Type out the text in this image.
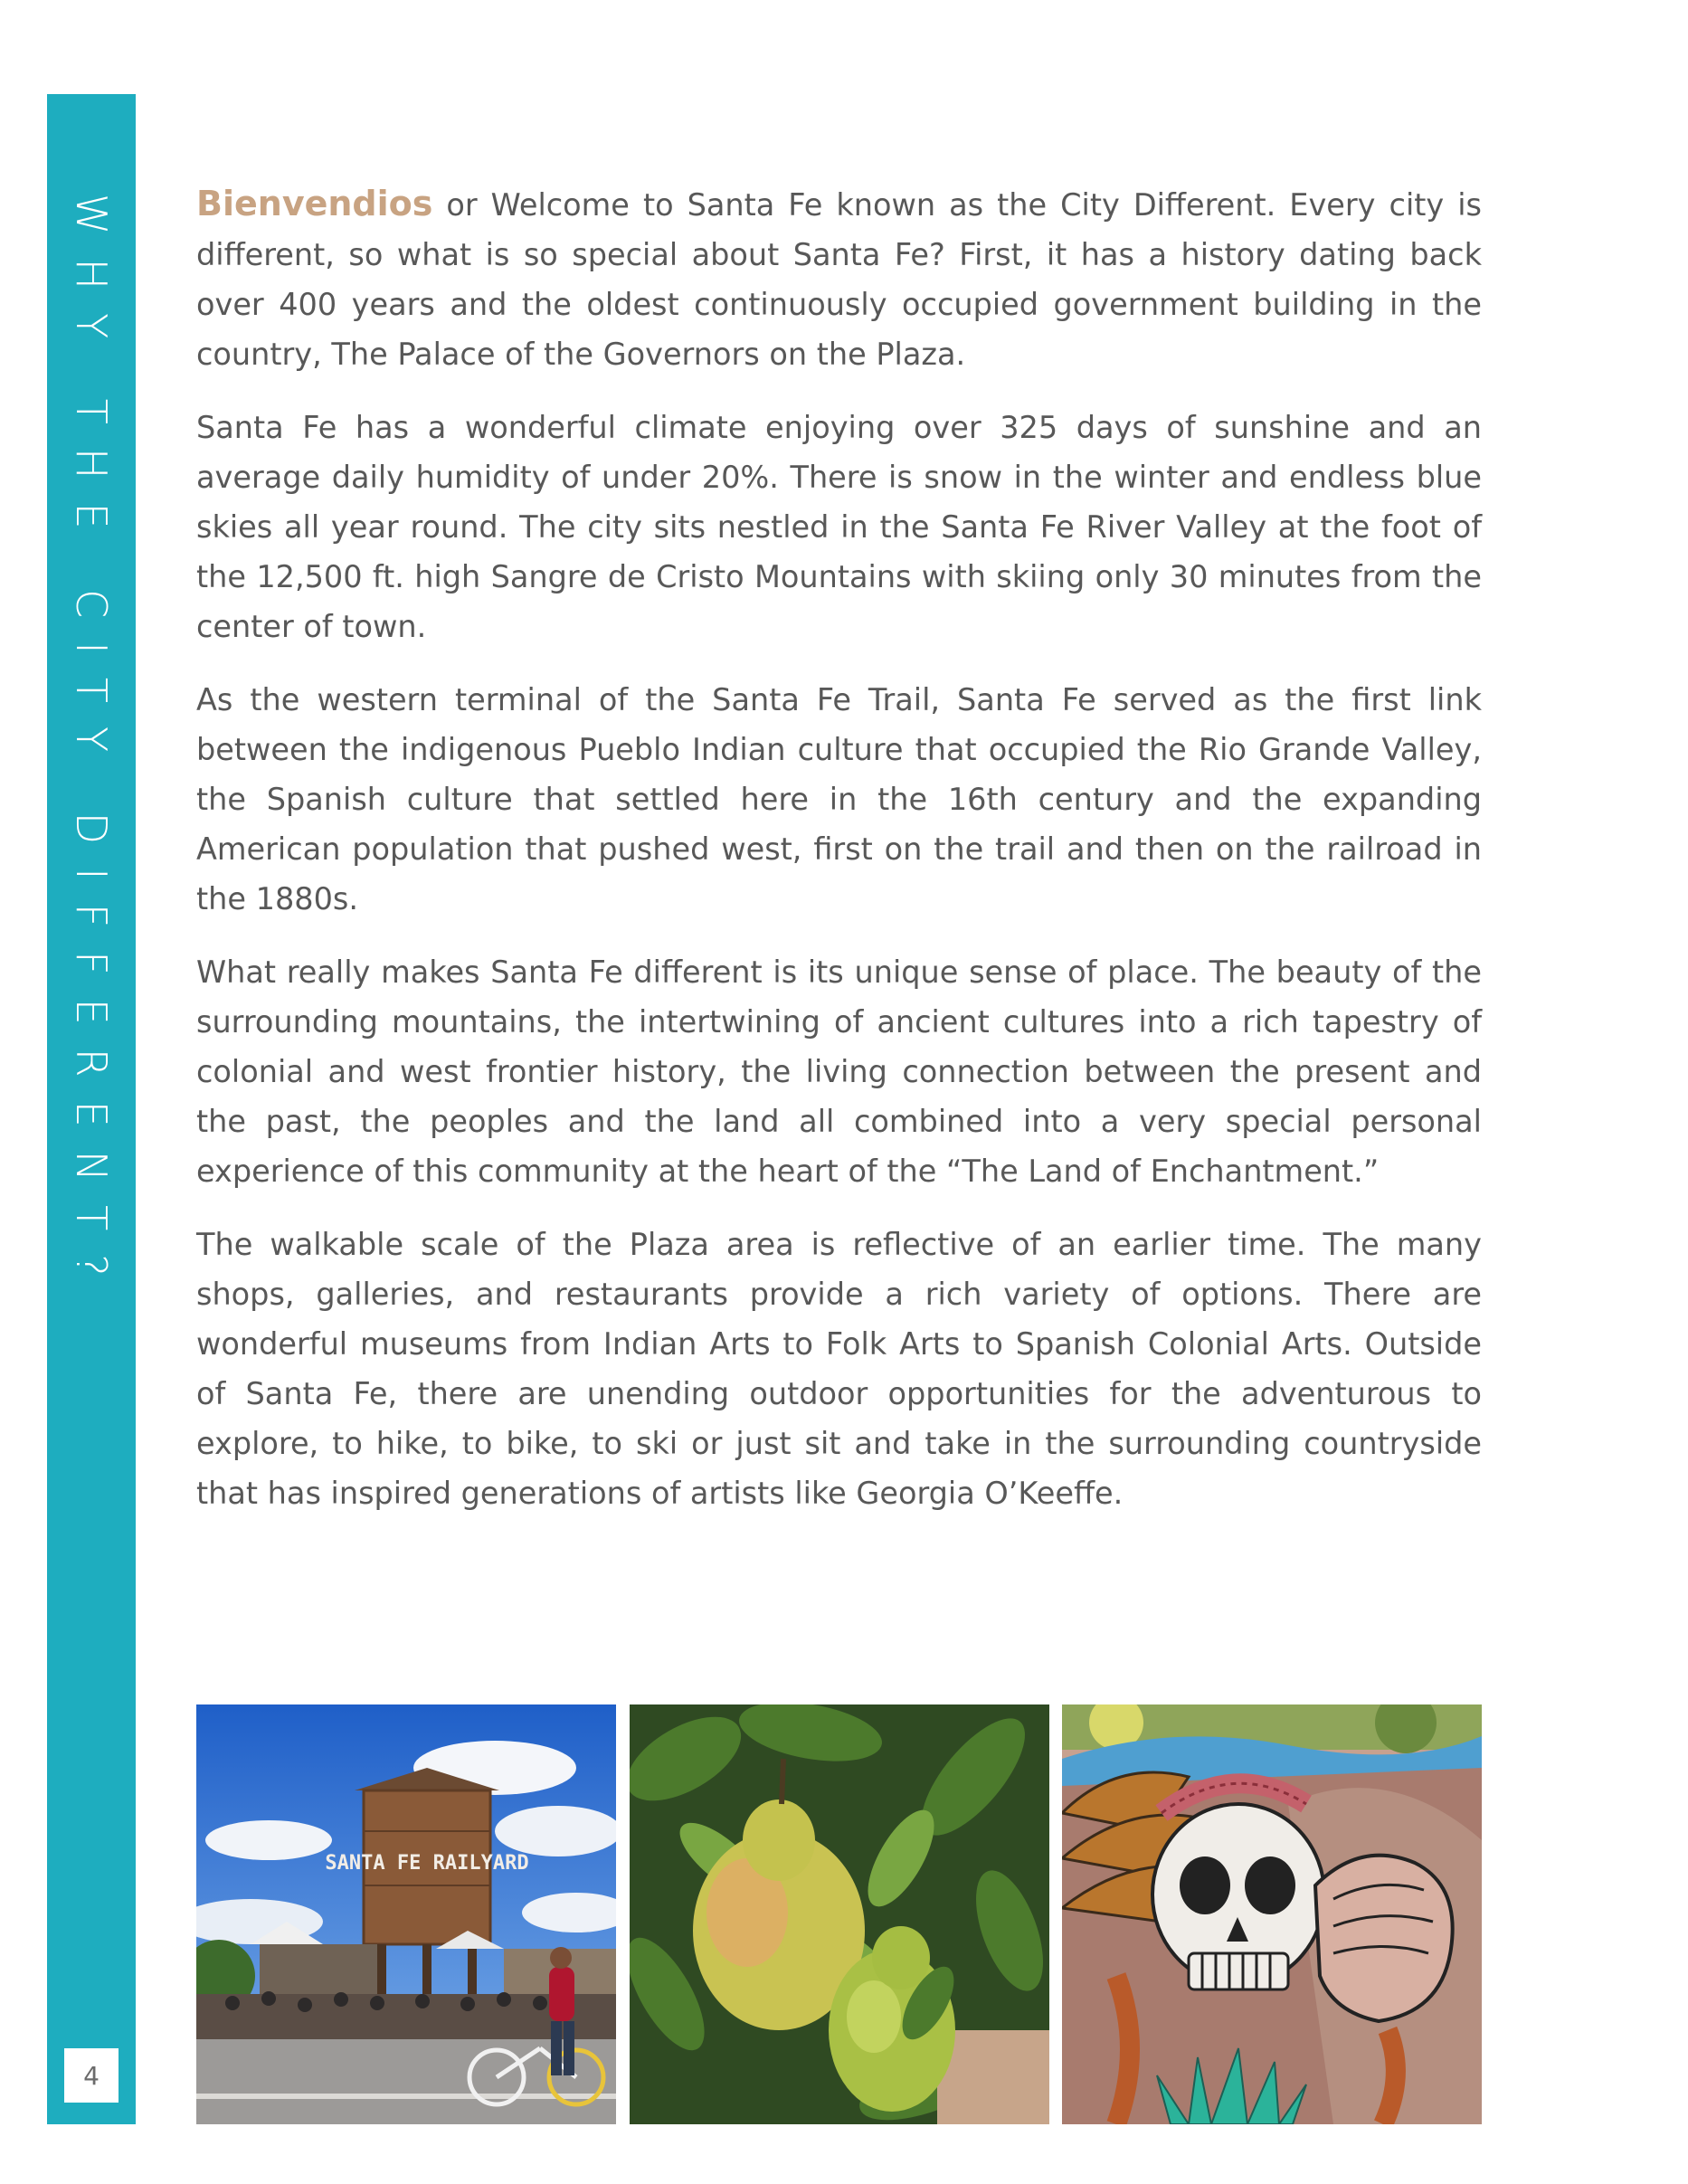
WHY THE CITY DIFFERENT?
4

Bienvendios or Welcome to Santa Fe known as the City Different. Every city is different, so what is so special about Santa Fe? First, it has a history dating back over 400 years and the oldest continuously occupied government building in the country, The Palace of the Governors on the Plaza.

Santa Fe has a wonderful climate enjoying over 325 days of sunshine and an average daily humidity of under 20%. There is snow in the winter and endless blue skies all year round. The city sits nestled in the Santa Fe River Valley at the foot of the 12,500 ft. high Sangre de Cristo Mountains with skiing only 30 minutes from the center of town.

As the western terminal of the Santa Fe Trail, Santa Fe served as the first link between the indigenous Pueblo Indian culture that occupied the Rio Grande Valley, the Spanish culture that settled here in the 16th century and the expanding American population that pushed west, first on the trail and then on the railroad in the 1880s.

What really makes Santa Fe different is its unique sense of place. The beauty of the surrounding mountains, the intertwining of ancient cultures into a rich tapestry of colonial and west frontier history, the living connection between the present and the past, the peoples and the land all combined into a very special personal experience of this community at the heart of the “The Land of Enchantment.”

The walkable scale of the Plaza area is reflective of an earlier time. The many shops, galleries, and restaurants provide a rich variety of options. There are wonderful museums from Indian Arts to Folk Arts to Spanish Colonial Arts. Outside of Santa Fe, there are unending outdoor opportunities for the adventurous to explore, to hike, to bike, to ski or just sit and take in the surrounding countryside that has inspired generations of artists like Georgia O’Keeffe.

SANTA FE RAILYARD
